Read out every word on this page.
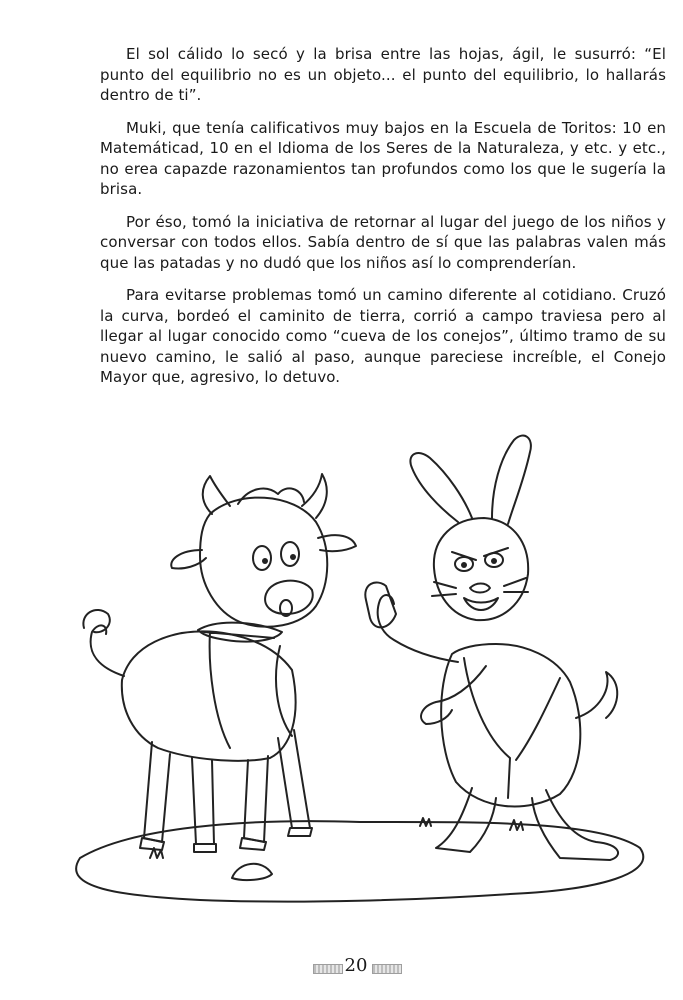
El sol cálido lo secó y la brisa entre las hojas, ágil, le susurró: “El punto del equilibrio no es un objeto... el punto del equilibrio, lo hallarás dentro de ti”.

Muki, que tenía calificativos muy bajos en la Escuela de Toritos: 10 en Matemáticad, 10 en el Idioma de los Seres de la Naturaleza, y etc. y etc., no erea capazde razonamientos tan profundos como los que le sugería la brisa.

Por éso, tomó la iniciativa de retornar al lugar del juego de los niños y conversar con todos ellos. Sabía dentro de sí que las palabras valen más que las patadas y no dudó que los niños así lo comprenderían.

Para evitarse problemas tomó un camino diferente al cotidiano. Cruzó la curva, bordeó el caminito de tierra, corrió a campo traviesa pero al llegar al lugar conocido como “cueva de los conejos”, último tramo de su nuevo camino, le salió al paso, aunque pareciese increíble, el Conejo Mayor que, agresivo, lo detuvo.

20
